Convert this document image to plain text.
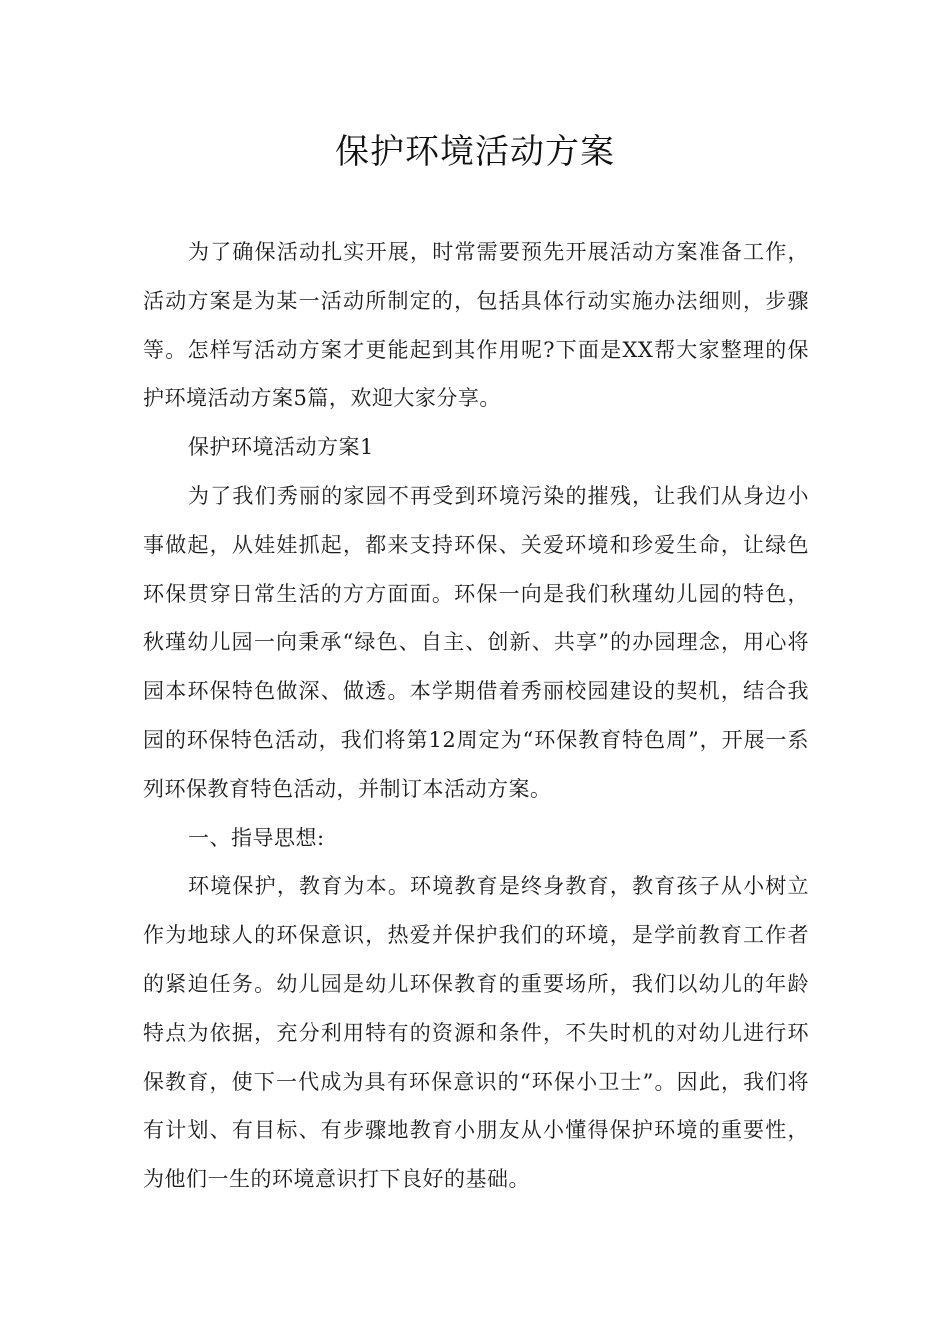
保护环境活动方案

为了确保活动扎实开展，时常需要预先开展活动方案准备工作，活动方案是为某一活动所制定的，包括具体行动实施办法细则，步骤等。怎样写活动方案才更能起到其作用呢?下面是XX帮大家整理的保护环境活动方案5篇，欢迎大家分享。

保护环境活动方案1

为了我们秀丽的家园不再受到环境污染的摧残，让我们从身边小事做起，从娃娃抓起，都来支持环保、关爱环境和珍爱生命，让绿色环保贯穿日常生活的方方面面。环保一向是我们秋瑾幼儿园的特色，秋瑾幼儿园一向秉承“绿色、自主、创新、共享”的办园理念，用心将园本环保特色做深、做透。本学期借着秀丽校园建设的契机，结合我园的环保特色活动，我们将第12周定为“环保教育特色周”，开展一系列环保教育特色活动，并制订本活动方案。

一、指导思想:

环境保护，教育为本。环境教育是终身教育，教育孩子从小树立作为地球人的环保意识，热爱并保护我们的环境，是学前教育工作者的紧迫任务。幼儿园是幼儿环保教育的重要场所，我们以幼儿的年龄特点为依据，充分利用特有的资源和条件，不失时机的对幼儿进行环保教育，使下一代成为具有环保意识的“环保小卫士”。因此，我们将有计划、有目标、有步骤地教育小朋友从小懂得保护环境的重要性，为他们一生的环境意识打下良好的基础。
